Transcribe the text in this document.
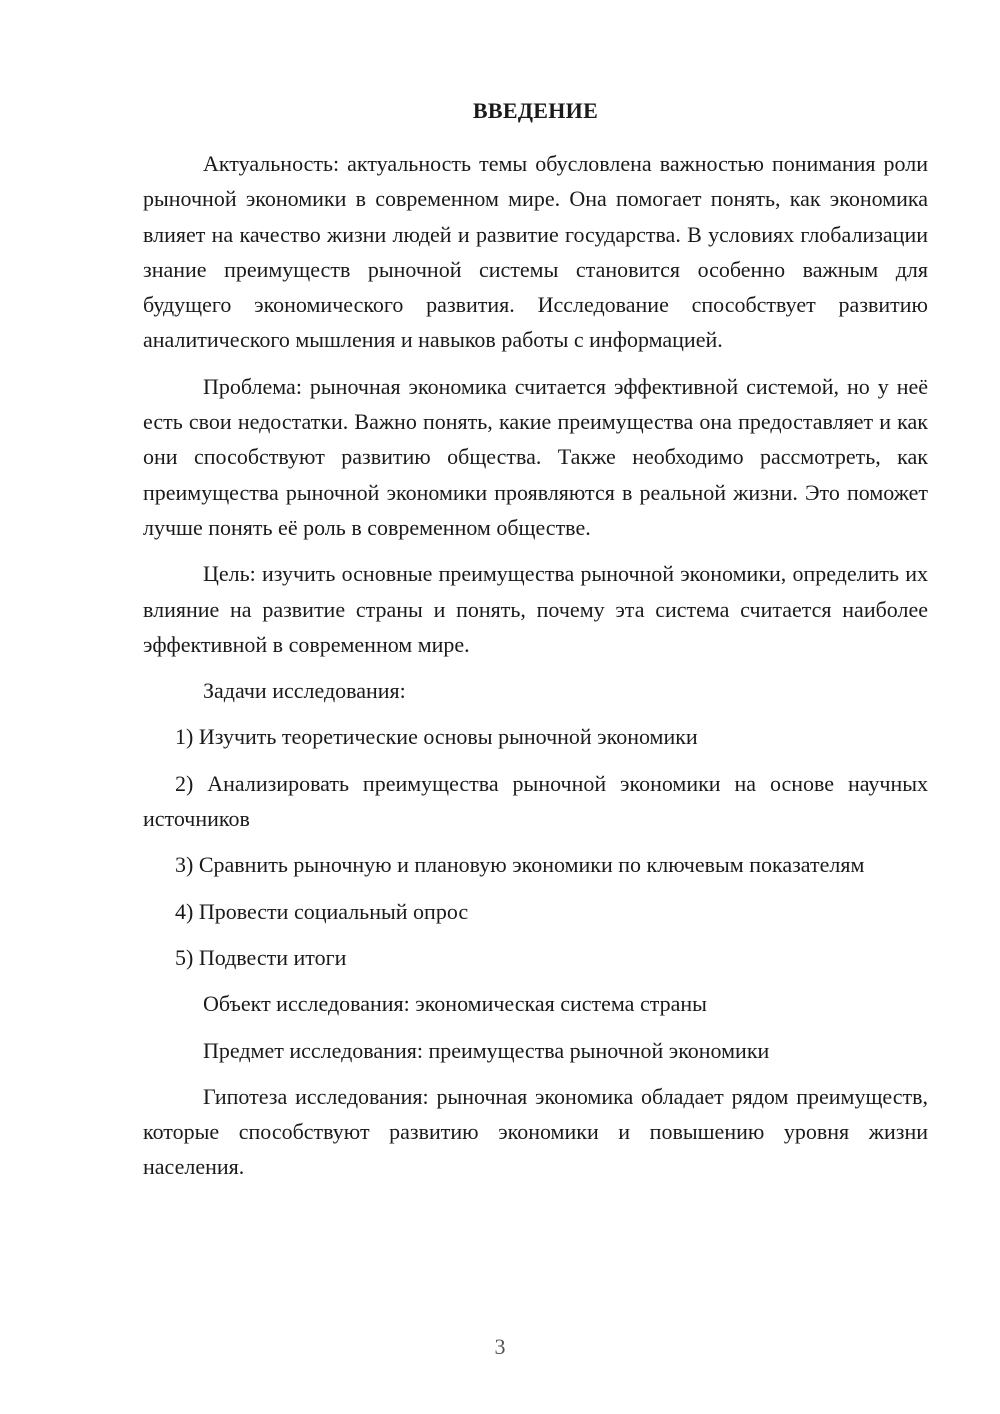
ВВЕДЕНИЕ

Актуальность: актуальность темы обусловлена важностью понимания роли рыночной экономики в современном мире. Она помогает понять, как экономика влияет на качество жизни людей и развитие государства. В условиях глобализации знание преимуществ рыночной системы становится особенно важным для будущего экономического развития. Исследование способствует развитию аналитического мышления и навыков работы с информацией.

Проблема: рыночная экономика считается эффективной системой, но у неё есть свои недостатки. Важно понять, какие преимущества она предоставляет и как они способствуют развитию общества. Также необходимо рассмотреть, как преимущества рыночной экономики проявляются в реальной жизни. Это поможет лучше понять её роль в современном обществе.

Цель: изучить основные преимущества рыночной экономики, определить их влияние на развитие страны и понять, почему эта система считается наиболее эффективной в современном мире.

Задачи исследования:

1) Изучить теоретические основы рыночной экономики

2) Анализировать преимущества рыночной экономики на основе научных источников

3) Сравнить рыночную и плановую экономики по ключевым показателям

4) Провести социальный опрос

5) Подвести итоги

Объект исследования: экономическая система страны

Предмет исследования: преимущества рыночной экономики

Гипотеза исследования: рыночная экономика обладает рядом преимуществ, которые способствуют развитию экономики и повышению уровня жизни населения.

3
